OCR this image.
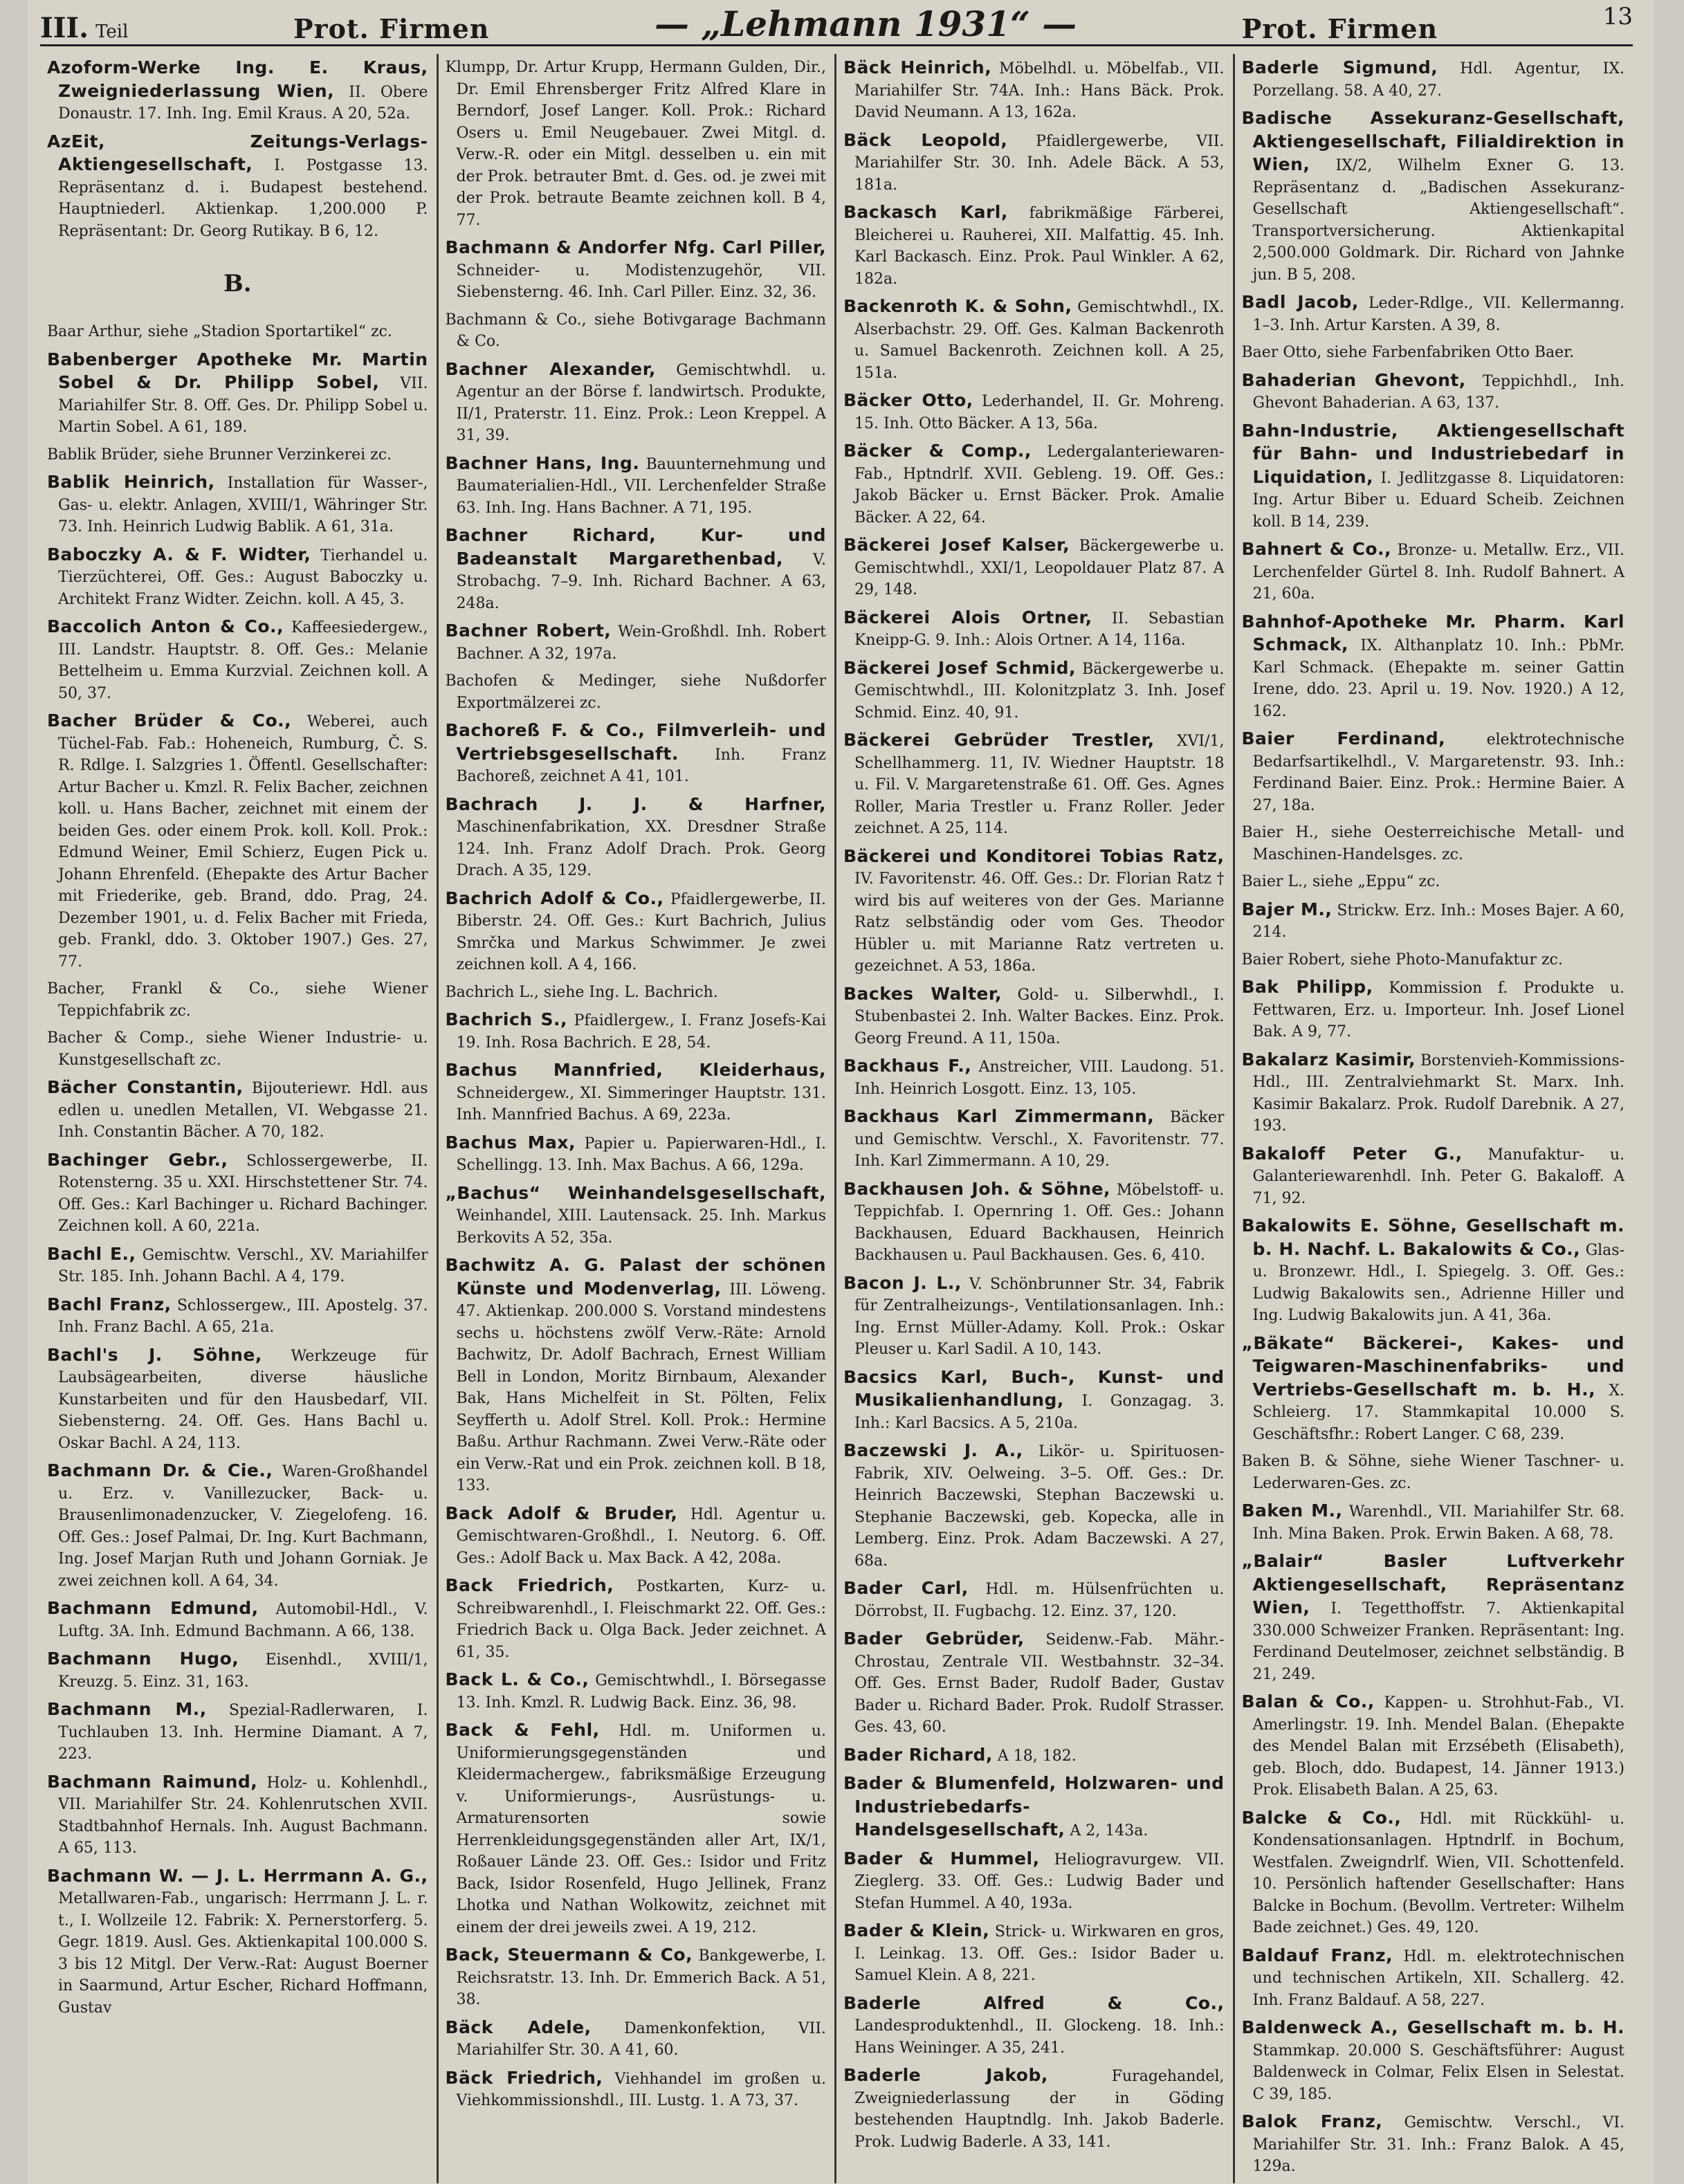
III. Teil	Prot. Firmen	— „Lehmann 1931“ —	Prot. Firmen	13

Azoform-Werke Ing. E. Kraus, Zweigniederlassung Wien, II. Obere Donaustr. 17. Inh. Ing. Emil Kraus. A 20, 52a.

AzEit, Zeitungs-Verlags-Aktiengesellschaft, I. Postgasse 13. Repräsentanz d. i. Budapest bestehend. Hauptniederl. Aktienkap. 1,200.000 P. Repräsentant: Dr. Georg Rutikay. B 6, 12.

B.

Baar Arthur, siehe „Stadion Sportartikel“ zc.

Babenberger Apotheke Mr. Martin Sobel & Dr. Philipp Sobel, VII. Mariahilfer Str. 8. Off. Ges. Dr. Philipp Sobel u. Martin Sobel. A 61, 189.

Bablik Brüder, siehe Brunner Verzinkerei zc.

Bablik Heinrich, Installation für Wasser-, Gas- u. elektr. Anlagen, XVIII/1, Währinger Str. 73. Inh. Heinrich Ludwig Bablik. A 61, 31a.

Baboczky A. & F. Widter, Tierhandel u. Tierzüchterei, Off. Ges.: August Baboczky u. Architekt Franz Widter. Zeichn. koll. A 45, 3.

Baccolich Anton & Co., Kaffeesiedergew., III. Landstr. Hauptstr. 8. Off. Ges.: Melanie Bettelheim u. Emma Kurzvial. Zeichnen koll. A 50, 37.

Bacher Brüder & Co., Weberei, auch Tüchel-Fab. Fab.: Hoheneich, Rumburg, Č. S. R. Rdlge. I. Salzgries 1. Öffentl. Gesellschafter: Artur Bacher u. Kmzl. R. Felix Bacher, zeichnen koll. u. Hans Bacher, zeichnet mit einem der beiden Ges. oder einem Prok. koll. Koll. Prok.: Edmund Weiner, Emil Schierz, Eugen Pick u. Johann Ehrenfeld. (Ehepakte des Artur Bacher mit Friederike, geb. Brand, ddo. Prag, 24. Dezember 1901, u. d. Felix Bacher mit Frieda, geb. Frankl, ddo. 3. Oktober 1907.) Ges. 27, 77.

Bacher, Frankl & Co., siehe Wiener Teppichfabrik zc.

Bacher & Comp., siehe Wiener Industrie- u. Kunstgesellschaft zc.

Bächer Constantin, Bijouteriewr. Hdl. aus edlen u. unedlen Metallen, VI. Webgasse 21. Inh. Constantin Bächer. A 70, 182.

Bachinger Gebr., Schlossergewerbe, II. Rotensterng. 35 u. XXI. Hirschstettener Str. 74. Off. Ges.: Karl Bachinger u. Richard Bachinger. Zeichnen koll. A 60, 221a.

Bachl E., Gemischtw. Verschl., XV. Mariahilfer Str. 185. Inh. Johann Bachl. A 4, 179.

Bachl Franz, Schlossergew., III. Apostelg. 37. Inh. Franz Bachl. A 65, 21a.

Bachl's J. Söhne, Werkzeuge für Laubsägearbeiten, diverse häusliche Kunstarbeiten und für den Hausbedarf, VII. Siebensterng. 24. Off. Ges. Hans Bachl u. Oskar Bachl. A 24, 113.

Bachmann Dr. & Cie., Waren-Großhandel u. Erz. v. Vanillezucker, Back- u. Brausenlimonadenzucker, V. Ziegelofeng. 16. Off. Ges.: Josef Palmai, Dr. Ing. Kurt Bachmann, Ing. Josef Marjan Ruth und Johann Gorniak. Je zwei zeichnen koll. A 64, 34.

Bachmann Edmund, Automobil-Hdl., V. Luftg. 3A. Inh. Edmund Bachmann. A 66, 138.

Bachmann Hugo, Eisenhdl., XVIII/1, Kreuzg. 5. Einz. 31, 163.

Bachmann M., Spezial-Radlerwaren, I. Tuchlauben 13. Inh. Hermine Diamant. A 7, 223.

Bachmann Raimund, Holz- u. Kohlenhdl., VII. Mariahilfer Str. 24. Kohlenrutschen XVII. Stadtbahnhof Hernals. Inh. August Bachmann. A 65, 113.

Bachmann W. — J. L. Herrmann A. G., Metallwaren-Fab., ungarisch: Herrmann J. L. r. t., I. Wollzeile 12. Fabrik: X. Pernerstorferg. 5. Gegr. 1819. Ausl. Ges. Aktienkapital 100.000 S. 3 bis 12 Mitgl. Der Verw.-Rat: August Boerner in Saarmund, Artur Escher, Richard Hoffmann, Gustav

Klumpp, Dr. Artur Krupp, Hermann Gulden, Dir., Dr. Emil Ehrensberger Fritz Alfred Klare in Berndorf, Josef Langer. Koll. Prok.: Richard Osers u. Emil Neugebauer. Zwei Mitgl. d. Verw.-R. oder ein Mitgl. desselben u. ein mit der Prok. betrauter Bmt. d. Ges. od. je zwei mit der Prok. betraute Beamte zeichnen koll. B 4, 77.

Bachmann & Andorfer Nfg. Carl Piller, Schneider- u. Modistenzugehör, VII. Siebensterng. 46. Inh. Carl Piller. Einz. 32, 36.

Bachmann & Co., siehe Botivgarage Bachmann & Co.

Bachner Alexander, Gemischtwhdl. u. Agentur an der Börse f. landwirtsch. Produkte, II/1, Praterstr. 11. Einz. Prok.: Leon Kreppel. A 31, 39.

Bachner Hans, Ing. Bauunternehmung und Baumaterialien-Hdl., VII. Lerchenfelder Straße 63. Inh. Ing. Hans Bachner. A 71, 195.

Bachner Richard, Kur- und Badeanstalt Margarethenbad, V. Strobachg. 7–9. Inh. Richard Bachner. A 63, 248a.

Bachner Robert, Wein-Großhdl. Inh. Robert Bachner. A 32, 197a.

Bachofen & Medinger, siehe Nußdorfer Exportmälzerei zc.

Bachoreß F. & Co., Filmverleih- und Vertriebsgesellschaft. Inh. Franz Bachoreß, zeichnet A 41, 101.

Bachrach J. J. & Harfner, Maschinenfabrikation, XX. Dresdner Straße 124. Inh. Franz Adolf Drach. Prok. Georg Drach. A 35, 129.

Bachrich Adolf & Co., Pfaidlergewerbe, II. Biberstr. 24. Off. Ges.: Kurt Bachrich, Julius Smrčka und Markus Schwimmer. Je zwei zeichnen koll. A 4, 166.

Bachrich L., siehe Ing. L. Bachrich.

Bachrich S., Pfaidlergew., I. Franz Josefs-Kai 19. Inh. Rosa Bachrich. E 28, 54.

Bachus Mannfried, Kleiderhaus, Schneidergew., XI. Simmeringer Hauptstr. 131. Inh. Mannfried Bachus. A 69, 223a.

Bachus Max, Papier u. Papierwaren-Hdl., I. Schellingg. 13. Inh. Max Bachus. A 66, 129a.

„Bachus“ Weinhandelsgesellschaft, Weinhandel, XIII. Lautensack. 25. Inh. Markus Berkovits A 52, 35a.

Bachwitz A. G. Palast der schönen Künste und Modenverlag, III. Löweng. 47. Aktienkap. 200.000 S. Vorstand mindestens sechs u. höchstens zwölf Verw.-Räte: Arnold Bachwitz, Dr. Adolf Bachrach, Ernest William Bell in London, Moritz Birnbaum, Alexander Bak, Hans Michelfeit in St. Pölten, Felix Seyfferth u. Adolf Strel. Koll. Prok.: Hermine Baßu. Arthur Rachmann. Zwei Verw.-Räte oder ein Verw.-Rat und ein Prok. zeichnen koll. B 18, 133.

Back Adolf & Bruder, Hdl. Agentur u. Gemischtwaren-Großhdl., I. Neutorg. 6. Off. Ges.: Adolf Back u. Max Back. A 42, 208a.

Back Friedrich, Postkarten, Kurz- u. Schreibwarenhdl., I. Fleischmarkt 22. Off. Ges.: Friedrich Back u. Olga Back. Jeder zeichnet. A 61, 35.

Back L. & Co., Gemischtwhdl., I. Börsegasse 13. Inh. Kmzl. R. Ludwig Back. Einz. 36, 98.

Back & Fehl, Hdl. m. Uniformen u. Uniformierungsgegenständen und Kleidermachergew., fabriksmäßige Erzeugung v. Uniformierungs-, Ausrüstungs- u. Armaturensorten sowie Herrenkleidungsgegenständen aller Art, IX/1, Roßauer Lände 23. Off. Ges.: Isidor und Fritz Back, Isidor Rosenfeld, Hugo Jellinek, Franz Lhotka und Nathan Wolkowitz, zeichnet mit einem der drei jeweils zwei. A 19, 212.

Back, Steuermann & Co, Bankgewerbe, I. Reichsratstr. 13. Inh. Dr. Emmerich Back. A 51, 38.

Bäck Adele, Damenkonfektion, VII. Mariahilfer Str. 30. A 41, 60.

Bäck Friedrich, Viehhandel im großen u. Viehkommissionshdl., III. Lustg. 1. A 73, 37.

Bäck Heinrich, Möbelhdl. u. Möbelfab., VII. Mariahilfer Str. 74A. Inh.: Hans Bäck. Prok. David Neumann. A 13, 162a.

Bäck Leopold, Pfaidlergewerbe, VII. Mariahilfer Str. 30. Inh. Adele Bäck. A 53, 181a.

Backasch Karl, fabrikmäßige Färberei, Bleicherei u. Rauherei, XII. Malfattig. 45. Inh. Karl Backasch. Einz. Prok. Paul Winkler. A 62, 182a.

Backenroth K. & Sohn, Gemischtwhdl., IX. Alserbachstr. 29. Off. Ges. Kalman Backenroth u. Samuel Backenroth. Zeichnen koll. A 25, 151a.

Bäcker Otto, Lederhandel, II. Gr. Mohreng. 15. Inh. Otto Bäcker. A 13, 56a.

Bäcker & Comp., Ledergalanteriewaren-Fab., Hptndrlf. XVII. Gebleng. 19. Off. Ges.: Jakob Bäcker u. Ernst Bäcker. Prok. Amalie Bäcker. A 22, 64.

Bäckerei Josef Kalser, Bäckergewerbe u. Gemischtwhdl., XXI/1, Leopoldauer Platz 87. A 29, 148.

Bäckerei Alois Ortner, II. Sebastian Kneipp-G. 9. Inh.: Alois Ortner. A 14, 116a.

Bäckerei Josef Schmid, Bäckergewerbe u. Gemischtwhdl., III. Kolonitzplatz 3. Inh. Josef Schmid. Einz. 40, 91.

Bäckerei Gebrüder Trestler, XVI/1, Schellhammerg. 11, IV. Wiedner Hauptstr. 18 u. Fil. V. Margaretenstraße 61. Off. Ges. Agnes Roller, Maria Trestler u. Franz Roller. Jeder zeichnet. A 25, 114.

Bäckerei und Konditorei Tobias Ratz, IV. Favoritenstr. 46. Off. Ges.: Dr. Florian Ratz † wird bis auf weiteres von der Ges. Marianne Ratz selbständig oder vom Ges. Theodor Hübler u. mit Marianne Ratz vertreten u. gezeichnet. A 53, 186a.

Backes Walter, Gold- u. Silberwhdl., I. Stubenbastei 2. Inh. Walter Backes. Einz. Prok. Georg Freund. A 11, 150a.

Backhaus F., Anstreicher, VIII. Laudong. 51. Inh. Heinrich Losgott. Einz. 13, 105.

Backhaus Karl Zimmermann, Bäcker und Gemischtw. Verschl., X. Favoritenstr. 77. Inh. Karl Zimmermann. A 10, 29.

Backhausen Joh. & Söhne, Möbelstoff- u. Teppichfab. I. Opernring 1. Off. Ges.: Johann Backhausen, Eduard Backhausen, Heinrich Backhausen u. Paul Backhausen. Ges. 6, 410.

Bacon J. L., V. Schönbrunner Str. 34, Fabrik für Zentralheizungs-, Ventilationsanlagen. Inh.: Ing. Ernst Müller-Adamy. Koll. Prok.: Oskar Pleuser u. Karl Sadil. A 10, 143.

Bacsics Karl, Buch-, Kunst- und Musikalienhandlung, I. Gonzagag. 3. Inh.: Karl Bacsics. A 5, 210a.

Baczewski J. A., Likör- u. Spirituosen-Fabrik, XIV. Oelweing. 3–5. Off. Ges.: Dr. Heinrich Baczewski, Stephan Baczewski u. Stephanie Baczewski, geb. Kopecka, alle in Lemberg. Einz. Prok. Adam Baczewski. A 27, 68a.

Bader Carl, Hdl. m. Hülsenfrüchten u. Dörrobst, II. Fugbachg. 12. Einz. 37, 120.

Bader Gebrüder, Seidenw.-Fab. Mähr.-Chrostau, Zentrale VII. Westbahnstr. 32–34. Off. Ges. Ernst Bader, Rudolf Bader, Gustav Bader u. Richard Bader. Prok. Rudolf Strasser. Ges. 43, 60.

Bader Richard, A 18, 182.

Bader & Blumenfeld, Holzwaren- und Industriebedarfs-Handelsgesellschaft, A 2, 143a.

Bader & Hummel, Heliogravurgew. VII. Zieglerg. 33. Off. Ges.: Ludwig Bader und Stefan Hummel. A 40, 193a.

Bader & Klein, Strick- u. Wirkwaren en gros, I. Leinkag. 13. Off. Ges.: Isidor Bader u. Samuel Klein. A 8, 221.

Baderle Alfred & Co., Landesproduktenhdl., II. Glockeng. 18. Inh.: Hans Weininger. A 35, 241.

Baderle Jakob,	Furagehandel, Zweigniederlassung der in Göding bestehenden Hauptndlg. Inh. Jakob Baderle. Prok. Ludwig Baderle. A 33, 141.

Baderle Sigmund, Hdl. Agentur, IX. Porzellang. 58. A 40, 27.

Badische Assekuranz-Gesellschaft, Aktiengesellschaft, Filialdirektion in Wien, IX/2, Wilhelm Exner G. 13. Repräsentanz d. „Badischen Assekuranz-Gesellschaft Aktiengesellschaft“. Transportversicherung. Aktienkapital 2,500.000 Goldmark. Dir. Richard von Jahnke jun. B 5, 208.

Badl Jacob, Leder-Rdlge., VII. Kellermanng. 1–3. Inh. Artur Karsten. A 39, 8.

Baer Otto, siehe Farbenfabriken Otto Baer.

Bahaderian Ghevont, Teppichhdl., Inh. Ghevont Bahaderian. A 63, 137.

Bahn-Industrie, Aktiengesellschaft für Bahn- und Industriebedarf in Liquidation, I. Jedlitzgasse 8. Liquidatoren: Ing. Artur Biber u. Eduard Scheib. Zeichnen koll. B 14, 239.

Bahnert & Co., Bronze- u. Metallw. Erz., VII. Lerchenfelder Gürtel 8. Inh. Rudolf Bahnert. A 21, 60a.

Bahnhof-Apotheke Mr. Pharm. Karl Schmack, IX. Althanplatz 10. Inh.: PbMr. Karl Schmack. (Ehepakte m. seiner Gattin Irene, ddo. 23. April u. 19. Nov. 1920.) A 12, 162.

Baier Ferdinand,	elektrotechnische Bedarfsartikelhdl., V. Margaretenstr. 93. Inh.: Ferdinand Baier. Einz. Prok.: Hermine Baier. A 27, 18a.

Baier H., siehe Oesterreichische Metall- und Maschinen-Handelsges. zc.

Baier L., siehe „Eppu“ zc.

Bajer M., Strickw. Erz. Inh.: Moses Bajer. A 60, 214.

Baier Robert, siehe Photo-Manufaktur zc.

Bak Philipp, Kommission f. Produkte u. Fettwaren, Erz. u. Importeur. Inh. Josef Lionel Bak. A 9, 77.

Bakalarz Kasimir, Borstenvieh-Kommissions-Hdl., III. Zentralviehmarkt St. Marx. Inh. Kasimir Bakalarz. Prok. Rudolf Darebnik. A 27, 193.

Bakaloff Peter G., Manufaktur- u. Galanteriewarenhdl. Inh. Peter G. Bakaloff. A 71, 92.

Bakalowits E. Söhne, Gesellschaft m. b. H. Nachf. L. Bakalowits & Co., Glas- u. Bronzewr. Hdl., I. Spiegelg. 3. Off. Ges.: Ludwig Bakalowits sen., Adrienne Hiller und Ing. Ludwig Bakalowits jun. A 41, 36a.

„Bäkate“ Bäckerei-, Kakes- und Teigwaren-Maschinenfabriks- und Vertriebs-Gesellschaft m. b. H., X. Schleierg. 17. Stammkapital 10.000 S. Geschäftsfhr.: Robert Langer. C 68, 239.

Baken B. & Söhne, siehe Wiener Taschner- u. Lederwaren-Ges. zc.

Baken M., Warenhdl., VII. Mariahilfer Str. 68. Inh. Mina Baken. Prok. Erwin Baken. A 68, 78.

„Balair“ Basler Luftverkehr Aktiengesellschaft, Repräsentanz Wien, I. Tegetthoffstr. 7. Aktienkapital 330.000 Schweizer Franken. Repräsentant: Ing. Ferdinand Deutelmoser, zeichnet selbständig. B 21, 249.

Balan & Co., Kappen- u. Strohhut-Fab., VI. Amerlingstr. 19. Inh. Mendel Balan. (Ehepakte des Mendel Balan mit Erzsébeth (Elisabeth), geb. Bloch, ddo. Budapest, 14. Jänner 1913.) Prok. Elisabeth Balan. A 25, 63.

Balcke & Co., Hdl. mit Rückkühl- u. Kondensationsanlagen. Hptndrlf. in Bochum, Westfalen. Zweigndrlf. Wien, VII. Schottenfeld. 10. Persönlich haftender Gesellschafter: Hans Balcke in Bochum. (Bevollm. Vertreter: Wilhelm Bade zeichnet.) Ges. 49, 120.

Baldauf Franz, Hdl. m. elektrotechnischen und technischen Artikeln, XII. Schallerg. 42. Inh. Franz Baldauf. A 58, 227.

Baldenweck A., Gesellschaft m. b. H. Stammkap. 20.000 S. Geschäftsführer: August Baldenweck in Colmar, Felix Elsen in Selestat. C 39, 185.

Balok Franz, Gemischtw. Verschl., VI. Mariahilfer Str. 31. Inh.: Franz Balok. A 45, 129a.
